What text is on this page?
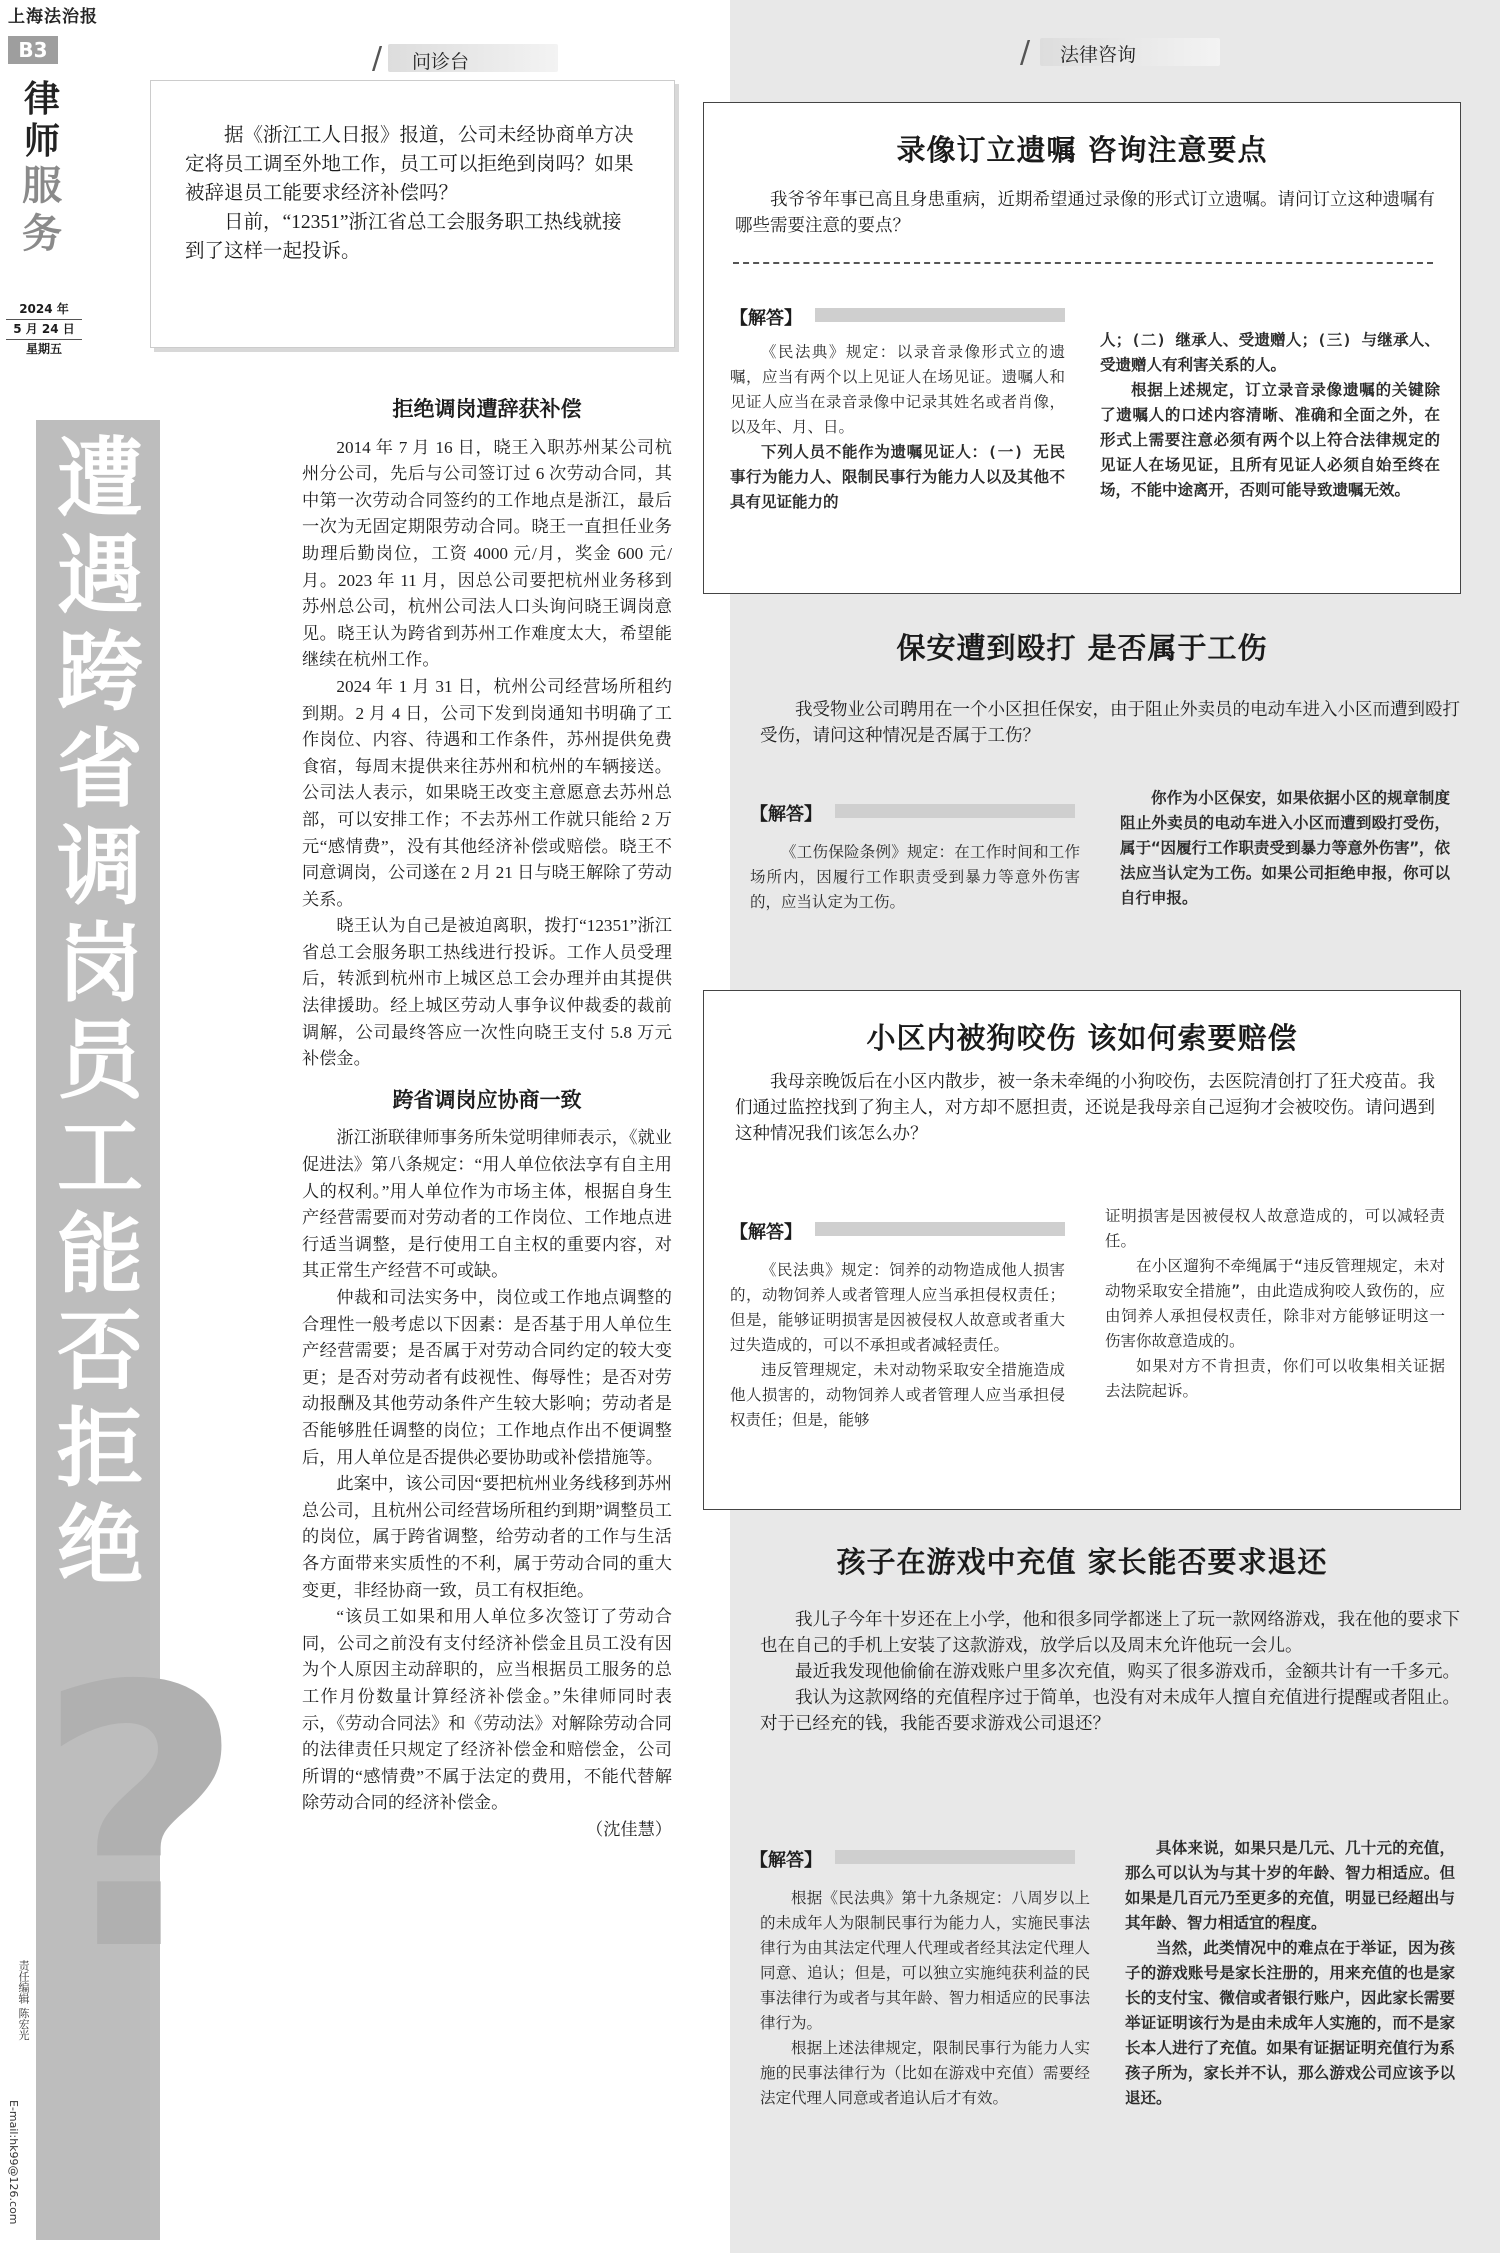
上海法治报
B3
律师
服务
2024 年
5 月 24 日
星期五
?
遭遇跨省调岗 员工能否拒绝
律师：非经协商一致，员工有权拒绝
责任编辑 陈宏光
E-mail:hk99@126.com
/ 问诊台

据《浙江工人日报》报道，公司未经协商单方决定将员工调至外地工作，员工可以拒绝到岗吗？如果被辞退员工能要求经济补偿吗？

日前，“12351”浙江省总工会服务职工热线就接到了这样一起投诉。

拒绝调岗遭辞获补偿

2014 年 7 月 16 日，晓王入职苏州某公司杭州分公司，先后与公司签订过 6 次劳动合同，其中第一次劳动合同签约的工作地点是浙江，最后一次为无固定期限劳动合同。晓王一直担任业务助理后勤岗位，工资 4000 元/月，奖金 600 元/月。2023 年 11 月，因总公司要把杭州业务移到苏州总公司，杭州公司法人口头询问晓王调岗意见。晓王认为跨省到苏州工作难度太大，希望能继续在杭州工作。

2024 年 1 月 31 日，杭州公司经营场所租约到期。2 月 4 日，公司下发到岗通知书明确了工作岗位、内容、待遇和工作条件，苏州提供免费食宿，每周末提供来往苏州和杭州的车辆接送。公司法人表示，如果晓王改变主意愿意去苏州总部，可以安排工作；不去苏州工作就只能给 2 万元“感情费”，没有其他经济补偿或赔偿。晓王不同意调岗，公司遂在 2 月 21 日与晓王解除了劳动关系。

晓王认为自己是被迫离职，拨打“12351”浙江省总工会服务职工热线进行投诉。工作人员受理后，转派到杭州市上城区总工会办理并由其提供法律援助。经上城区劳动人事争议仲裁委的裁前调解，公司最终答应一次性向晓王支付 5.8 万元补偿金。

跨省调岗应协商一致

浙江浙联律师事务所朱觉明律师表示，《就业促进法》第八条规定：“用人单位依法享有自主用人的权利。”用人单位作为市场主体，根据自身生产经营需要而对劳动者的工作岗位、工作地点进行适当调整，是行使用工自主权的重要内容，对其正常生产经营不可或缺。

仲裁和司法实务中，岗位或工作地点调整的合理性一般考虑以下因素：是否基于用人单位生产经营需要；是否属于对劳动合同约定的较大变更；是否对劳动者有歧视性、侮辱性；是否对劳动报酬及其他劳动条件产生较大影响；劳动者是否能够胜任调整的岗位；工作地点作出不便调整后，用人单位是否提供必要协助或补偿措施等。

此案中，该公司因“要把杭州业务线移到苏州总公司，且杭州公司经营场所租约到期”调整员工的岗位，属于跨省调整，给劳动者的工作与生活各方面带来实质性的不利，属于劳动合同的重大变更，非经协商一致，员工有权拒绝。

“该员工如果和用人单位多次签订了劳动合同，公司之前没有支付经济补偿金且员工没有因为个人原因主动辞职的，应当根据员工服务的总工作月份数量计算经济补偿金。”朱律师同时表示，《劳动合同法》和《劳动法》对解除劳动合同的法律责任只规定了经济补偿金和赔偿金，公司所谓的“感情费”不属于法定的费用，不能代替解除劳动合同的经济补偿金。

（沈佳慧）

/ 法律咨询
录像订立遗嘱 咨询注意要点

我爷爷年事已高且身患重病，近期希望通过录像的形式订立遗嘱。请问订立这种遗嘱有哪些需要注意的要点？

【解答】

《民法典》规定：以录音录像形式立的遗嘱，应当有两个以上见证人在场见证。遗嘱人和见证人应当在录音录像中记录其姓名或者肖像，以及年、月、日。

下列人员不能作为遗嘱见证人：(一) 无民事行为能力人、限制民事行为能力人以及其他不具有见证能力的

人；(二) 继承人、受遗赠人；(三) 与继承人、受遗赠人有利害关系的人。

根据上述规定，订立录音录像遗嘱的关键除了遗嘱人的口述内容清晰、准确和全面之外，在形式上需要注意必须有两个以上符合法律规定的见证人在场见证，且所有见证人必须自始至终在场，不能中途离开，否则可能导致遗嘱无效。

保安遭到殴打 是否属于工伤

我受物业公司聘用在一个小区担任保安，由于阻止外卖员的电动车进入小区而遭到殴打受伤，请问这种情况是否属于工伤？

【解答】

《工伤保险条例》规定：在工作时间和工作场所内，因履行工作职责受到暴力等意外伤害的，应当认定为工伤。

你作为小区保安，如果依据小区的规章制度阻止外卖员的电动车进入小区而遭到殴打受伤，属于“因履行工作职责受到暴力等意外伤害”，依法应当认定为工伤。如果公司拒绝申报，你可以自行申报。

小区内被狗咬伤 该如何索要赔偿

我母亲晚饭后在小区内散步，被一条未牵绳的小狗咬伤，去医院清创打了狂犬疫苗。我们通过监控找到了狗主人，对方却不愿担责，还说是我母亲自己逗狗才会被咬伤。请问遇到这种情况我们该怎么办？

【解答】

《民法典》规定：饲养的动物造成他人损害的，动物饲养人或者管理人应当承担侵权责任；但是，能够证明损害是因被侵权人故意或者重大过失造成的，可以不承担或者减轻责任。

违反管理规定，未对动物采取安全措施造成他人损害的，动物饲养人或者管理人应当承担侵权责任；但是，能够

证明损害是因被侵权人故意造成的，可以减轻责任。

在小区遛狗不牵绳属于“违反管理规定，未对动物采取安全措施”，由此造成狗咬人致伤的，应由饲养人承担侵权责任，除非对方能够证明这一伤害你故意造成的。

如果对方不肯担责，你们可以收集相关证据去法院起诉。

孩子在游戏中充值 家长能否要求退还

我儿子今年十岁还在上小学，他和很多同学都迷上了玩一款网络游戏，我在他的要求下也在自己的手机上安装了这款游戏，放学后以及周末允许他玩一会儿。

最近我发现他偷偷在游戏账户里多次充值，购买了很多游戏币，金额共计有一千多元。

我认为这款网络的充值程序过于简单，也没有对未成年人擅自充值进行提醒或者阻止。对于已经充的钱，我能否要求游戏公司退还？

【解答】

根据《民法典》第十九条规定：八周岁以上的未成年人为限制民事行为能力人，实施民事法律行为由其法定代理人代理或者经其法定代理人同意、追认；但是，可以独立实施纯获利益的民事法律行为或者与其年龄、智力相适应的民事法律行为。

根据上述法律规定，限制民事行为能力人实施的民事法律行为（比如在游戏中充值）需要经法定代理人同意或者追认后才有效。

具体来说，如果只是几元、几十元的充值，那么可以认为与其十岁的年龄、智力相适应。但如果是几百元乃至更多的充值，明显已经超出与其年龄、智力相适宜的程度。

当然，此类情况中的难点在于举证，因为孩子的游戏账号是家长注册的，用来充值的也是家长的支付宝、微信或者银行账户，因此家长需要举证证明该行为是由未成年人实施的，而不是家长本人进行了充值。如果有证据证明充值行为系孩子所为，家长并不认，那么游戏公司应该予以退还。
